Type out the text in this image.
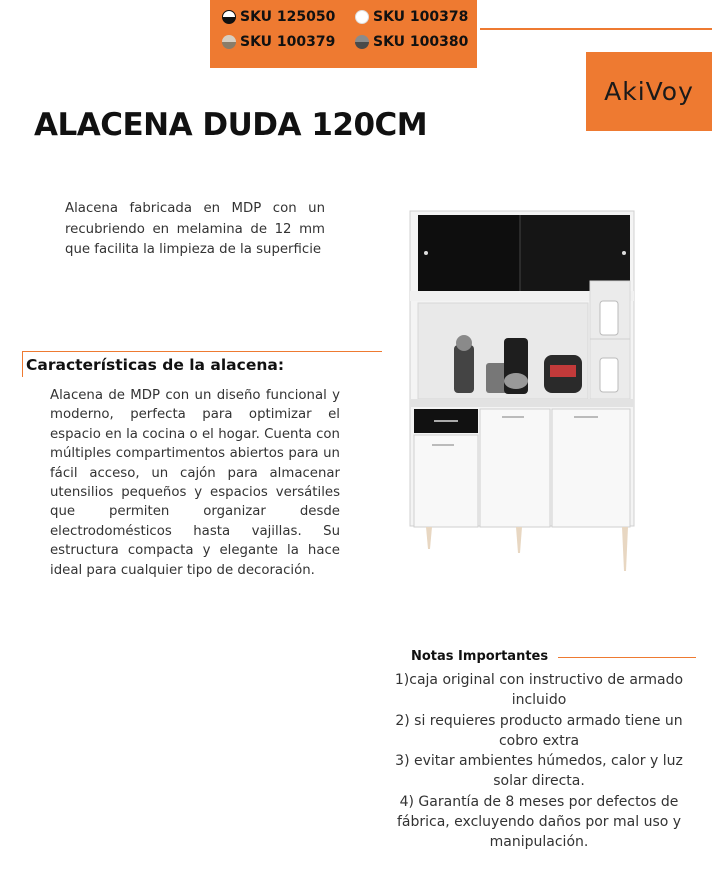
SKU 125050	SKU 100378
SKU 100379	SKU 100380
AkiVoy
ALACENA DUDA 120CM

Alacena fabricada en MDP con un recubriendo en melamina de 12 mm que facilita la limpieza de la superficie

Características de la alacena:

Alacena de MDP con un diseño funcional y moderno, perfecta para optimizar el espacio en la cocina o el hogar. Cuenta con múltiples compartimentos abiertos para un fácil acceso, un cajón para almacenar utensilios pequeños y espacios versátiles que permiten organizar desde electrodomésticos hasta vajillas. Su estructura compacta y elegante la hace ideal para cualquier tipo de decoración.

Notas Importantes
1)caja original con instructivo de armado incluido
2) si requieres producto armado tiene un cobro extra
3) evitar ambientes húmedos, calor y luz solar directa.
4) Garantía de 8 meses por defectos de fábrica, excluyendo daños por mal uso y manipulación.
